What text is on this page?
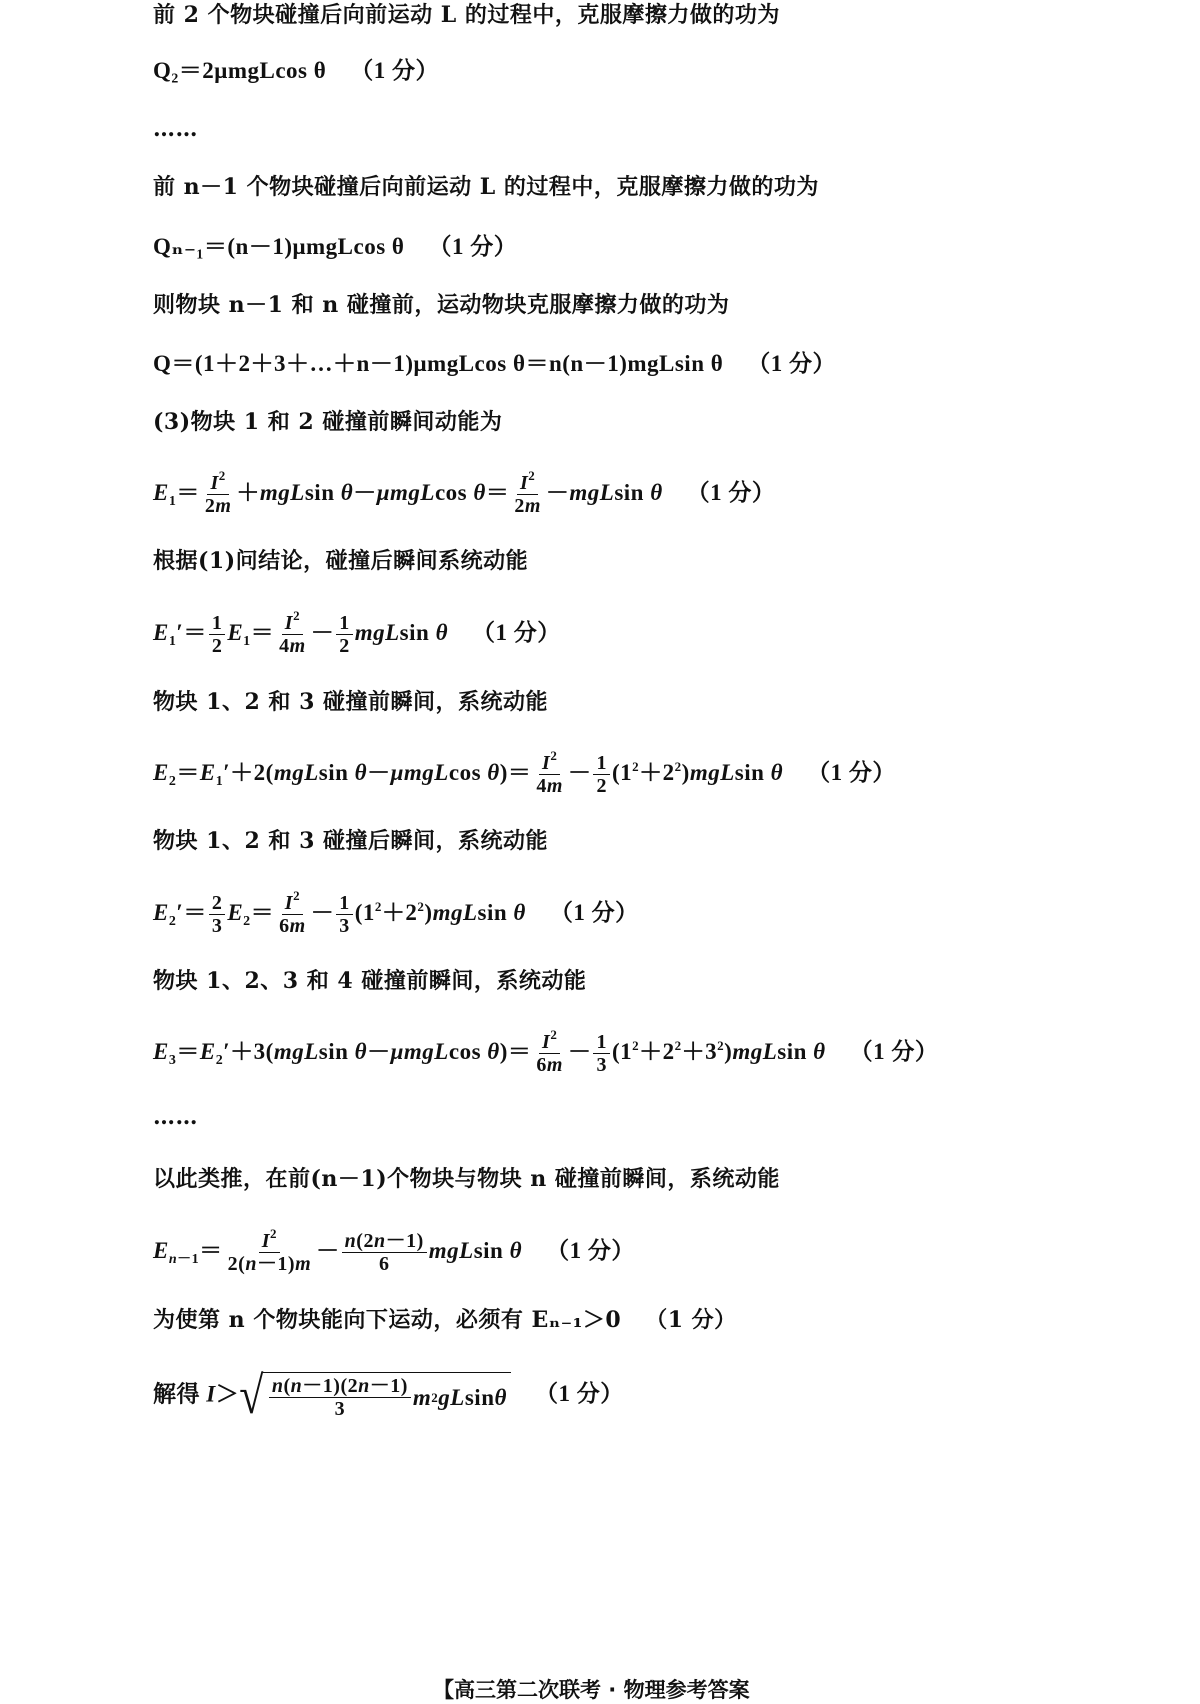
前 2 个物块碰撞后向前运动 L 的过程中，克服摩擦力做的功为
Q₂＝2μmgLcos θ （1 分）
……
前 n－1 个物块碰撞后向前运动 L 的过程中，克服摩擦力做的功为
Qₙ₋₁＝(n－1)μmgLcos θ （1 分）
则物块 n－1 和 n 碰撞前，运动物块克服摩擦力做的功为
Q＝(1＋2＋3＋…＋n－1)μmgLcos θ＝n(n－1)mgLsin θ （1 分）
(3)物块 1 和 2 碰撞前瞬间动能为
$E_1= \frac{I^2}{2m} +mgLsin$ θ－μmgLcos $\theta= \frac{I^2}{2m} -mgLsin$ θ （1 分）
根据(1)问结论，碰撞后瞬间系统动能
$E_1'= \frac{1}{2} E_1= \frac{I^2}{4m} - \frac{1}{2}$ mgLsin θ （1 分）
物块 1、2 和 3 碰撞前瞬间，系统动能
$E_2=E_1'+2(mgLsin$ θ－μmgLcos $\theta)= \frac{I^2}{4m} - \frac{1}{2} (1^2+2^2)mgLsin$ θ （1 分）
物块 1、2 和 3 碰撞后瞬间，系统动能
$E_2'= \frac{2}{3} E_2= \frac{I^2}{6m} - \frac{1}{3} (1^2+2^2)mgLsin$ θ （1 分）
物块 1、2、3 和 4 碰撞前瞬间，系统动能
$E_3=E_2'+3(mgLsin$ θ－μmgLcos $\theta)= \frac{I^2}{6m} - \frac{1}{3} (1^2+2^2+3^2)mgLsin$ θ （1 分）
……
以此类推，在前(n－1)个物块与物块 n 碰撞前瞬间，系统动能
$E_{n-1}= \frac{I^2}{2(n-1)m} - \frac{n(2n-1)}{6}$ mgLsin θ （1 分）
为使第 n 个物块能向下运动，必须有 Eₙ₋₁＞0 （1 分）
解得 I＞ √ $\frac{n(n-1)(2n-1)}{3}$ m 2 gL sin θ （1 分）
【高三第二次联考 · 物理参考答案
